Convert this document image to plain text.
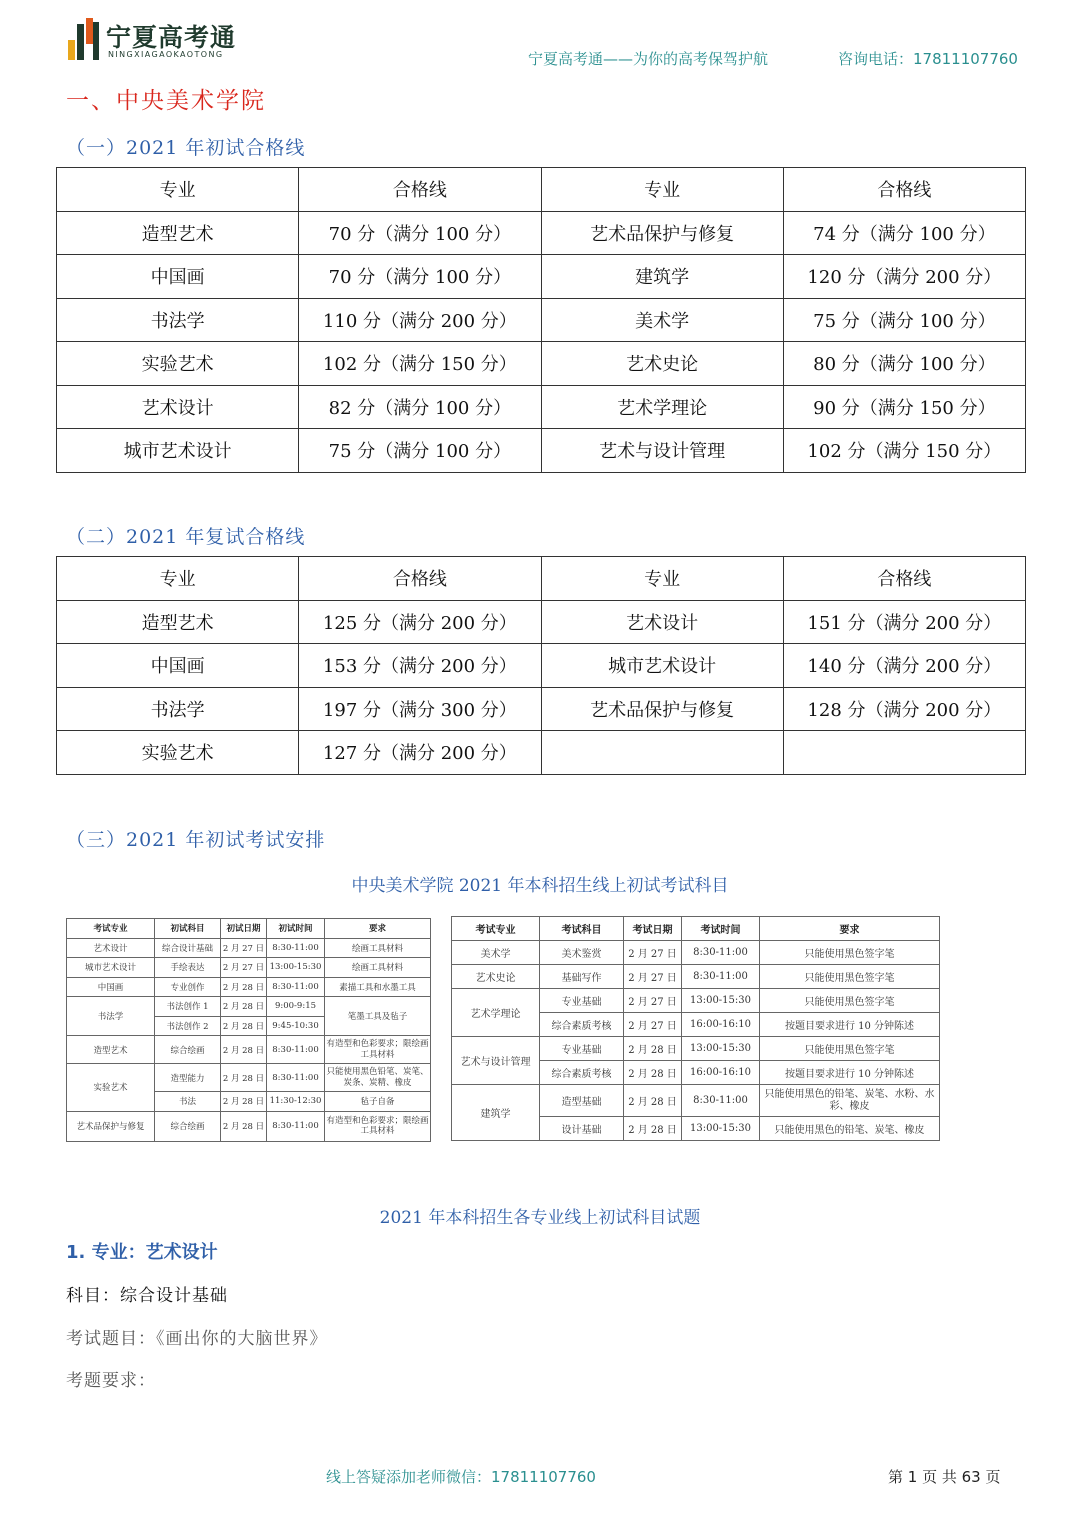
宁夏高考通
NINGXIAGAOKAOTONG	宁夏高考通——为你的高考保驾护航	咨询电话：17811107760
一、中央美术学院
（一）2021 年初试合格线
专业	合格线	专业	合格线
造型艺术	70 分（满分 100 分）	艺术品保护与修复	74 分（满分 100 分）
中国画	70 分（满分 100 分）	建筑学	120 分（满分 200 分）
书法学	110 分（满分 200 分）	美术学	75 分（满分 100 分）
实验艺术	102 分（满分 150 分）	艺术史论	80 分（满分 100 分）
艺术设计	82 分（满分 100 分）	艺术学理论	90 分（满分 150 分）
城市艺术设计	75 分（满分 100 分）	艺术与设计管理	102 分（满分 150 分）
（二）2021 年复试合格线
专业	合格线	专业	合格线
造型艺术	125 分（满分 200 分）	艺术设计	151 分（满分 200 分）
中国画	153 分（满分 200 分）	城市艺术设计	140 分（满分 200 分）
书法学	197 分（满分 300 分）	艺术品保护与修复	128 分（满分 200 分）
实验艺术	127 分（满分 200 分）		
（三）2021 年初试考试安排
中央美术学院 2021 年本科招生线上初试考试科目
考试专业	初试科目	初试日期	初试时间	要求
艺术设计	综合设计基础	2 月 27 日	8:30-11:00	绘画工具材料
城市艺术设计	手绘表达	2 月 27 日	13:00-15:30	绘画工具材料
中国画	专业创作	2 月 28 日	8:30-11:00	素描工具和水墨工具
书法学	书法创作 1	2 月 28 日	9:00-9:15	笔墨工具及毡子
	书法创作 2	2 月 28 日	9:45-10:30	
造型艺术	综合绘画	2 月 28 日	8:30-11:00	有造型和色彩要求；限绘画工具材料
实验艺术	造型能力	2 月 28 日	8:30-11:00	只能使用黑色铅笔、炭笔、炭条、炭精、橡皮
	书法	2 月 28 日	11:30-12:30	毡子自备
艺术品保护与修复	综合绘画	2 月 28 日	8:30-11:00	有造型和色彩要求；限绘画工具材料
考试专业	考试科目	考试日期	考试时间	要求
美术学	美术鉴赏	2 月 27 日	8:30-11:00	只能使用黑色签字笔
艺术史论	基础写作	2 月 27 日	8:30-11:00	只能使用黑色签字笔
艺术学理论	专业基础	2 月 27 日	13:00-15:30	只能使用黑色签字笔
	综合素质考核	2 月 27 日	16:00-16:10	按题目要求进行 10 分钟陈述
艺术与设计管理	专业基础	2 月 28 日	13:00-15:30	只能使用黑色签字笔
	综合素质考核	2 月 28 日	16:00-16:10	按题目要求进行 10 分钟陈述
建筑学	造型基础	2 月 28 日	8:30-11:00	只能使用黑色的铅笔、炭笔、水粉、水彩、橡皮
	设计基础	2 月 28 日	13:00-15:30	只能使用黑色的铅笔、炭笔、橡皮
2021 年本科招生各专业线上初试科目试题
1. 专业：艺术设计
科目：综合设计基础
考试题目：《画出你的大脑世界》
考题要求：
线上答疑添加老师微信：17811107760	第 1 页 共 63 页
